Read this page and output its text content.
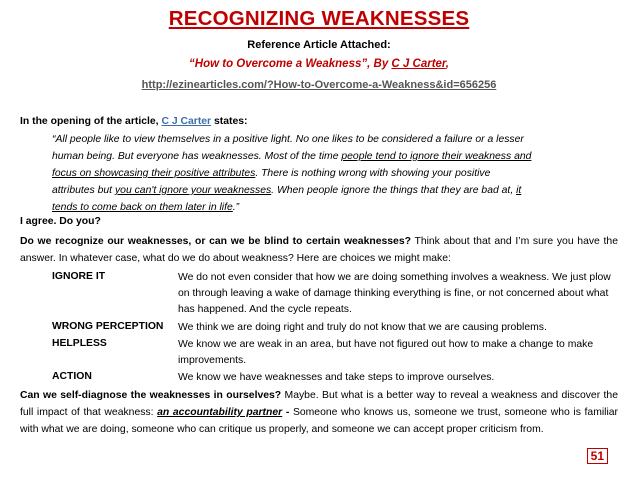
RECOGNIZING WEAKNESSES
Reference Article Attached:
“How to Overcome a Weakness”, By C J Carter,
http://ezinearticles.com/?How-to-Overcome-a-Weakness&id=656256
In the opening of the article, C J Carter states:
“All people like to view themselves in a positive light. No one likes to be considered a failure or a lesser
human being. But everyone has weaknesses. Most of the time people tend to ignore their weakness and
focus on showcasing their positive attributes. There is nothing wrong with showing your positive
attributes but you can't ignore your weaknesses. When people ignore the things that they are bad at, it
tends to come back on them later in life.”
I agree. Do you?
Do we recognize our weaknesses, or can we be blind to certain weaknesses? Think about that and I’m sure you have the answer. In whatever case, what do we do about weakness? Here are choices we might make:
IGNORE IT	We do not even consider that how we are doing something involves a weakness. We just plow on through leaving a wake of damage thinking everything is fine, or not concerned about what has happened. And the cycle repeats.
WRONG PERCEPTION We think we are doing right and truly do not know that we are causing problems.
HELPLESS	We know we are weak in an area, but have not figured out how to make a change to make improvements.
ACTION	We know we have weaknesses and take steps to improve ourselves.
Can we self-diagnose the weaknesses in ourselves? Maybe. But what is a better way to reveal a weakness and discover the full impact of that weakness: an accountability partner - Someone who knows us, someone we trust, someone who is familiar with what we are doing, someone who can critique us properly, and someone we can accept proper criticism from.
51
